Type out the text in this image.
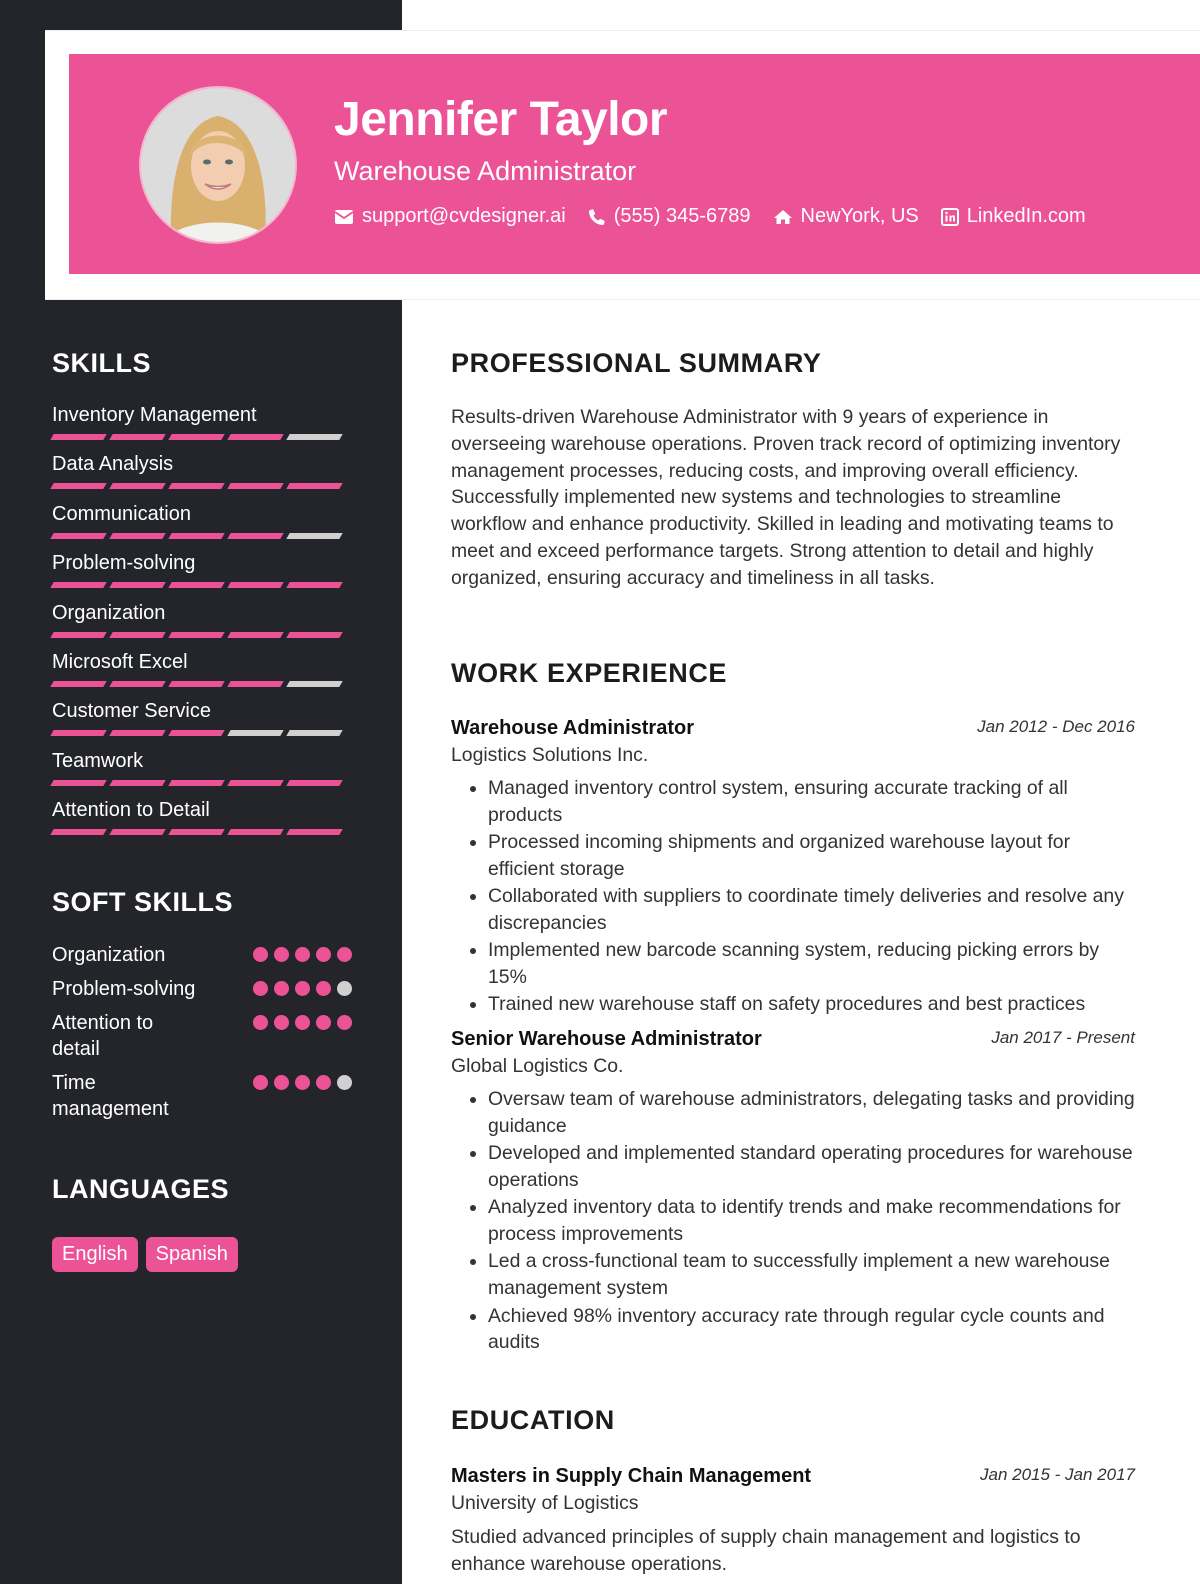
Jennifer Taylor
Warehouse Administrator
support@cvdesigner.ai (555) 345-6789	NewYork, US LinkedIn.com
SKILLS
Inventory Management
Data Analysis
Communication
Problem-solving
Organization
Microsoft Excel
Customer Service
Teamwork
Attention to Detail
SOFT SKILLS
Organization
Problem-solving
Attention to detail
Time management
LANGUAGES
English	Spanish
PROFESSIONAL SUMMARY

Results-driven Warehouse Administrator with 9 years of experience in overseeing warehouse operations. Proven track record of optimizing inventory management processes, reducing costs, and improving overall efficiency. Successfully implemented new systems and technologies to streamline workflow and enhance productivity. Skilled in leading and motivating teams to meet and exceed performance targets. Strong attention to detail and highly organized, ensuring accuracy and timeliness in all tasks.

WORK EXPERIENCE
Warehouse Administrator	Jan 2012 - Dec 2016
Logistics Solutions Inc.
• Managed inventory control system, ensuring accurate tracking of all products
• Processed incoming shipments and organized warehouse layout for efficient storage
• Collaborated with suppliers to coordinate timely deliveries and resolve any discrepancies
• Implemented new barcode scanning system, reducing picking errors by 15%
• Trained new warehouse staff on safety procedures and best practices
Senior Warehouse Administrator	Jan 2017 - Present
Global Logistics Co.
• Oversaw team of warehouse administrators, delegating tasks and providing guidance
• Developed and implemented standard operating procedures for warehouse operations
• Analyzed inventory data to identify trends and make recommendations for process improvements
• Led a cross-functional team to successfully implement a new warehouse management system
• Achieved 98% inventory accuracy rate through regular cycle counts and audits
EDUCATION
Masters in Supply Chain Management	Jan 2015 - Jan 2017
University of Logistics

Studied advanced principles of supply chain management and logistics to enhance warehouse operations.
